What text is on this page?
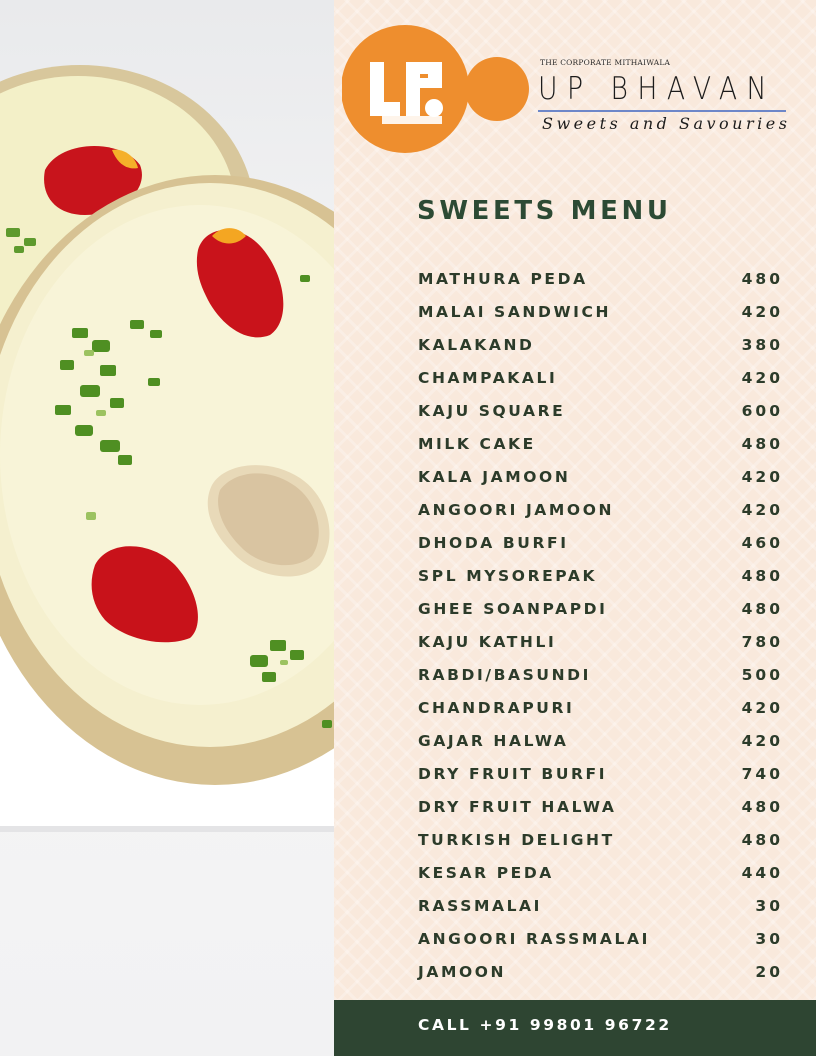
THE CORPORATE MITHAIWALA
UP BHAVAN
Sweets and Savouries
SWEETS MENU
MATHURA PEDA	480
MALAI SANDWICH	420
KALAKAND	380
CHAMPAKALI	420
KAJU SQUARE	600
MILK CAKE	480
KALA JAMOON	420
ANGOORI JAMOON	420
DHODA BURFI	460
SPL MYSOREPAK	480
GHEE SOANPAPDI	480
KAJU KATHLI	780
RABDI/BASUNDI	500
CHANDRAPURI	420
GAJAR HALWA	420
DRY FRUIT BURFI	740
DRY FRUIT HALWA	480
TURKISH DELIGHT	480
KESAR PEDA	440
RASSMALAI	30
ANGOORI RASSMALAI	30
JAMOON	20
CALL +91 99801 96722
